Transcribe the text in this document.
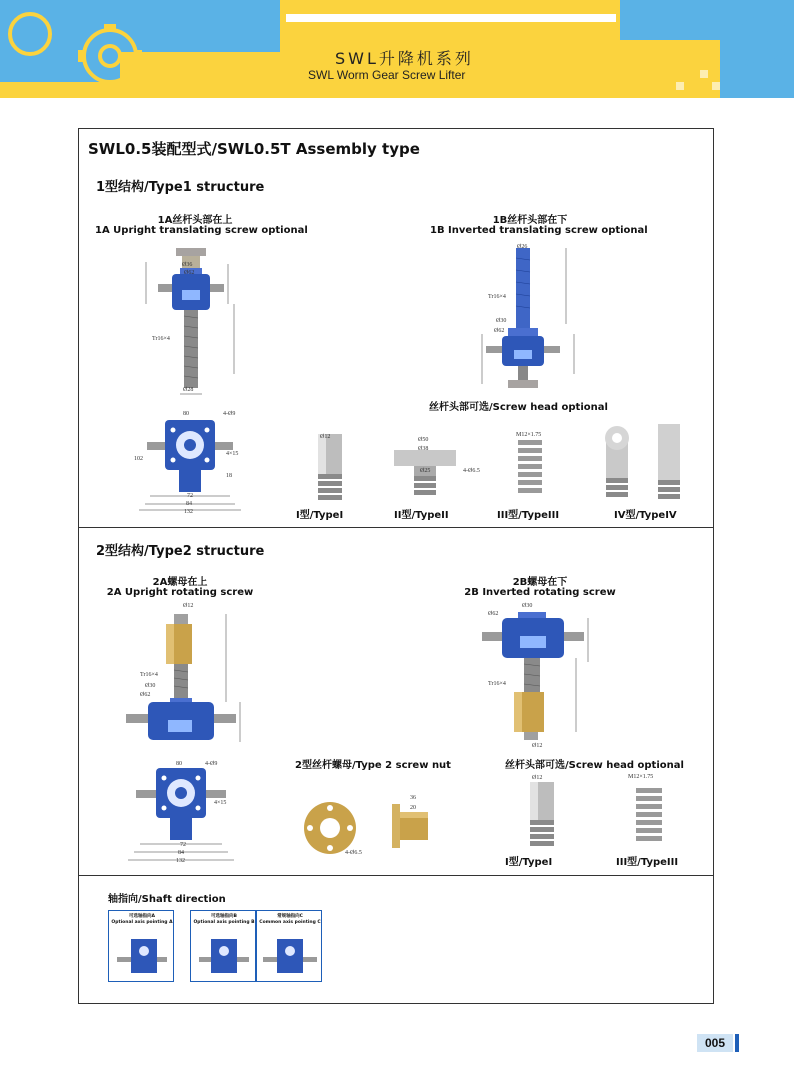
SWL升降机系列
SWL Worm Gear Screw Lifter
SWL0.5装配型式/SWL0.5T Assembly type
1型结构/Type1 structure
1A丝杆头部在上
1A Upright translating screw optional
1B丝杆头部在下
1B Inverted translating screw optional
Ø36
Ø62
Tr16×4
Ø28
Ø26
Tr16×4
Ø30
Ø62
丝杆头部可选/Screw head optional
80	4-Ø9
4×15
18
72
84
132
102
Ø12	Ø50
Ø38
Ø25	4-Ø6.5
M12×1.75
I型/TypeI	II型/TypeII	III型/TypeIII	IV型/TypeIV
2型结构/Type2 structure
2A螺母在上
2A Upright rotating screw
2B螺母在下
2B Inverted rotating screw
Ø12
Tr16×4
Ø30
Ø62
Ø30
Ø62
Tr16×4
Ø12
80	4-Ø9
4×15
72
84
132
2型丝杆螺母/Type 2 screw nut	丝杆头部可选/Screw head optional
36
20
4-Ø6.5
Ø12	M12×1.75
I型/TypeI	III型/TypeIII
轴指向/Shaft direction
可选轴指向A
Optional axis pointing A
可选轴指向B
Optional axis pointing B
常规轴指向C
Common axis pointing C
005
